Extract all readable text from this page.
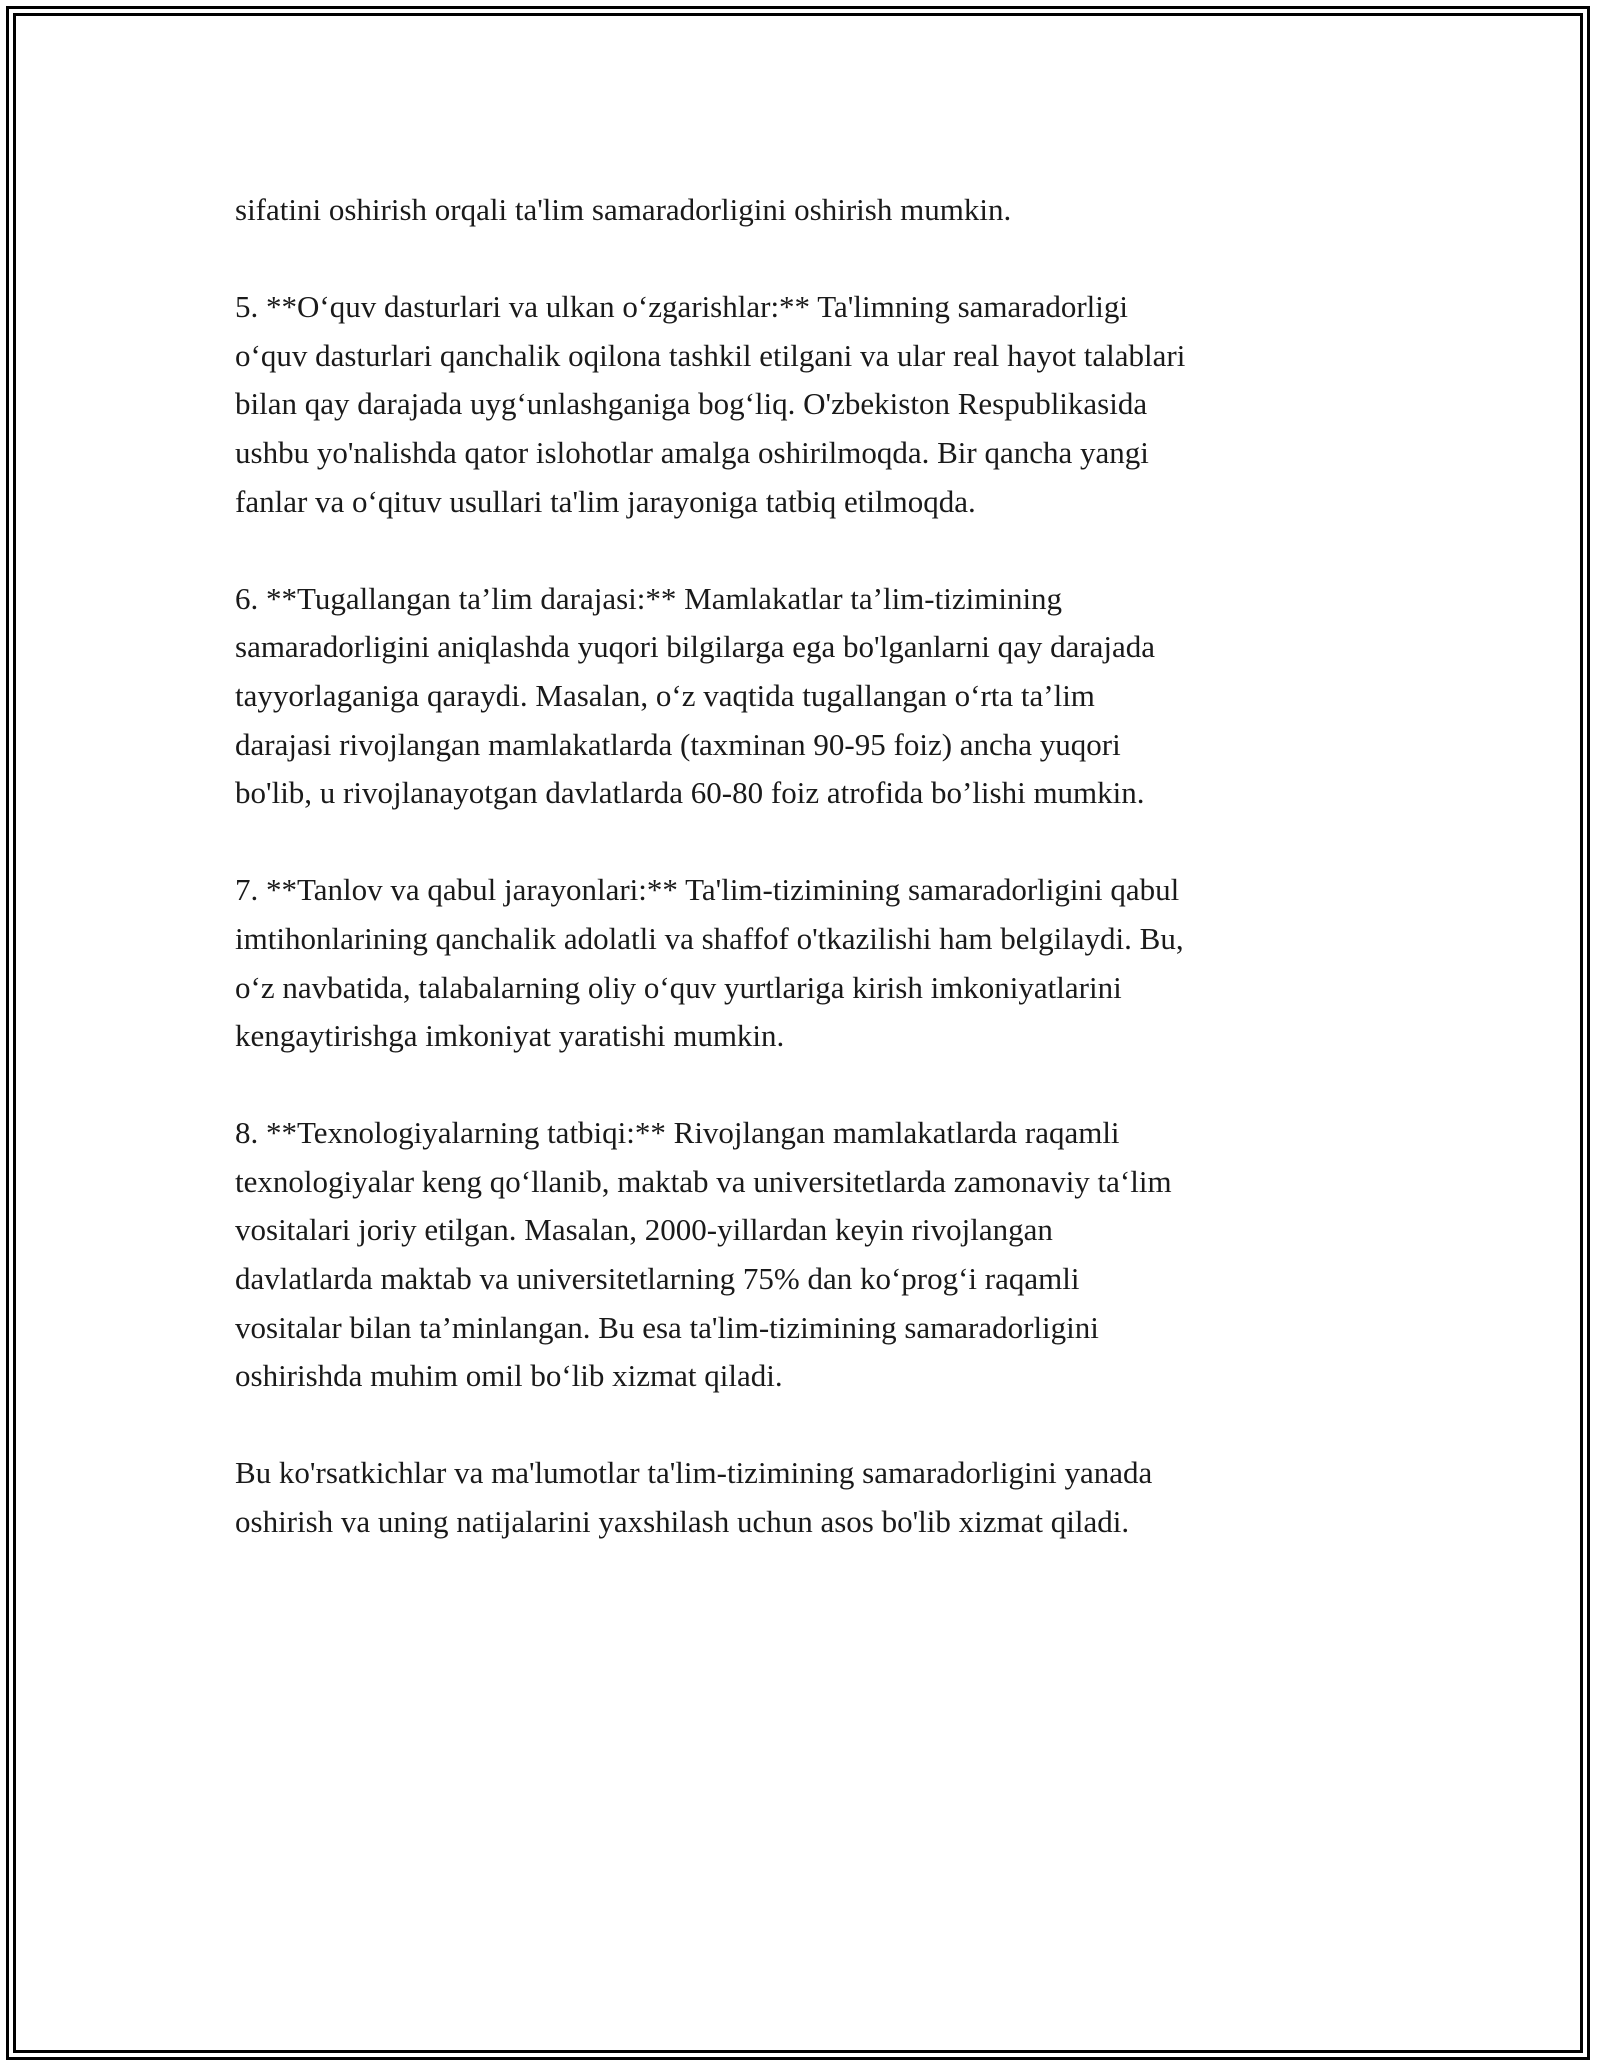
sifatini oshirish orqali ta'lim samaradorligini oshirish mumkin.

5. **O‘quv dasturlari va ulkan o‘zgarishlar:** Ta'limning samaradorligi
o‘quv dasturlari qanchalik oqilona tashkil etilgani va ular real hayot talablari
bilan qay darajada uyg‘unlashganiga bog‘liq. O'zbekiston Respublikasida
ushbu yo'nalishda qator islohotlar amalga oshirilmoqda. Bir qancha yangi
fanlar va o‘qituv usullari ta'lim jarayoniga tatbiq etilmoqda.

6. **Tugallangan ta’lim darajasi:** Mamlakatlar ta’lim-tizimining
samaradorligini aniqlashda yuqori bilgilarga ega bo'lganlarni qay darajada
tayyorlaganiga qaraydi. Masalan, o‘z vaqtida tugallangan o‘rta ta’lim
darajasi rivojlangan mamlakatlarda (taxminan 90-95 foiz) ancha yuqori
bo'lib, u rivojlanayotgan davlatlarda 60-80 foiz atrofida bo’lishi mumkin.

7. **Tanlov va qabul jarayonlari:** Ta'lim-tizimining samaradorligini qabul
imtihonlarining qanchalik adolatli va shaffof o'tkazilishi ham belgilaydi. Bu,
o‘z navbatida, talabalarning oliy o‘quv yurtlariga kirish imkoniyatlarini
kengaytirishga imkoniyat yaratishi mumkin.

8. **Texnologiyalarning tatbiqi:** Rivojlangan mamlakatlarda raqamli
texnologiyalar keng qo‘llanib, maktab va universitetlarda zamonaviy ta‘lim
vositalari joriy etilgan. Masalan, 2000-yillardan keyin rivojlangan
davlatlarda maktab va universitetlarning 75% dan ko‘prog‘i raqamli
vositalar bilan ta’minlangan. Bu esa ta'lim-tizimining samaradorligini
oshirishda muhim omil bo‘lib xizmat qiladi.

Bu ko'rsatkichlar va ma'lumotlar ta'lim-tizimining samaradorligini yanada
oshirish va uning natijalarini yaxshilash uchun asos bo'lib xizmat qiladi.
